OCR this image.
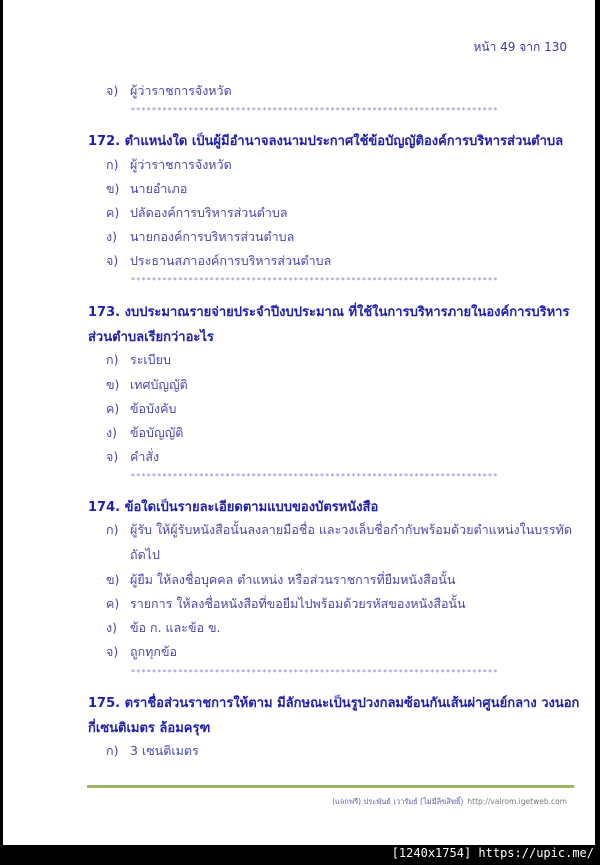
หน้า 49 จาก 130
จ) ผู้ว่าราชการจังหวัด
**********************************************************************
172. ตำแหน่งใด เป็นผู้มีอำนาจลงนามประกาศใช้ข้อบัญญัติองค์การบริหารส่วนตำบล
ก) ผู้ว่าราชการจังหวัด
ข) นายอำเภอ
ค) ปลัดองค์การบริหารส่วนตำบล
ง) นายกองค์การบริหารส่วนตำบล
จ) ประธานสภาองค์การบริหารส่วนตำบล
**********************************************************************
173. งบประมาณรายจ่ายประจำปีงบประมาณ ที่ใช้ในการบริหารภายในองค์การบริหาร
ส่วนตำบลเรียกว่าอะไร
ก) ระเบียบ
ข) เทศบัญญัติ
ค) ข้อบังคับ
ง) ข้อบัญญัติ
จ) คำสั่ง
**********************************************************************
174. ข้อใดเป็นรายละเอียดตามแบบของบัตรหนังสือ
ก) ผู้รับ ให้ผู้รับหนังสือนั้นลงลายมือชื่อ และวงเล็บชื่อกำกับพร้อมด้วยตำแหน่งในบรรทัด
ถัดไป
ข) ผู้ยืม ให้ลงชื่อบุคคล ตำแหน่ง หรือส่วนราชการที่ยืมหนังสือนั้น
ค) รายการ ให้ลงชื่อหนังสือที่ขอยืมไปพร้อมด้วยรหัสของหนังสือนั้น
ง) ข้อ ก. และข้อ ข.
จ) ถูกทุกข้อ
**********************************************************************
175. ตราชื่อส่วนราชการให้ตาม มีลักษณะเป็นรูปวงกลมซ้อนกันเส้นผ่าศูนย์กลาง วงนอก
กี่เซนติเมตร ล้อมครุฑ
ก) 3 เซนติเมตร
(แจกฟรี) ประพันธ์ เวารัมย์ (ไม่มีลิขสิทธิ์) http://valrom.igetweb.com
[1240x1754] https://upic.me/
